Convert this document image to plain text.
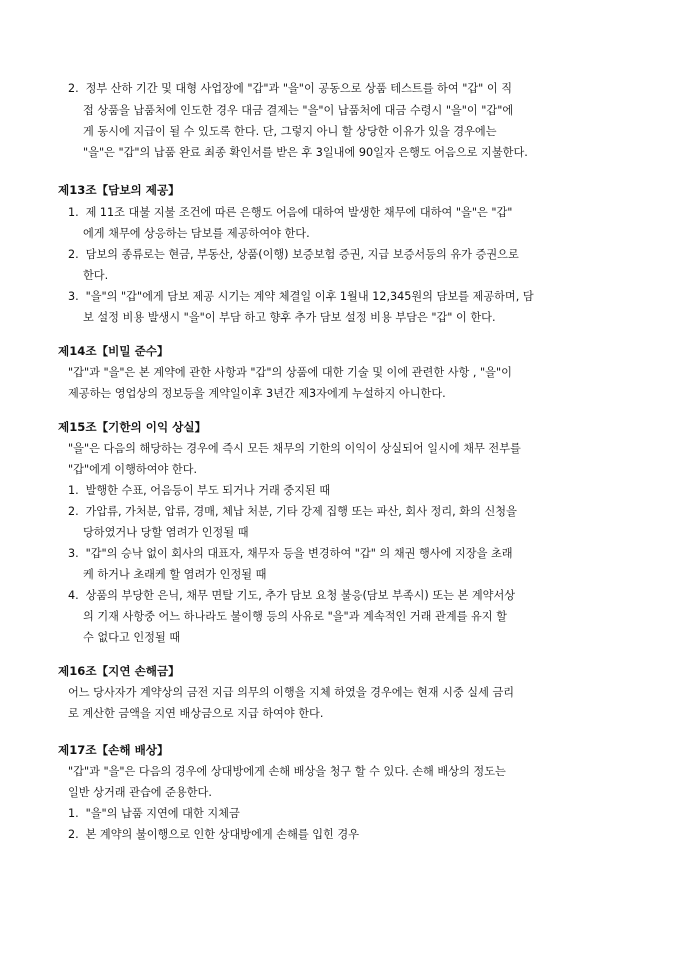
2. 정부 산하 기간 및 대형 사업장에 "갑"과 "을"이 공동으로 상품 테스트를 하여 "갑" 이 직
접 상품을 납품처에 인도한 경우 대금 결제는 "을"이 납품처에 대금 수령시 "을"이 "갑"에
게 동시에 지급이 될 수 있도록 한다. 단, 그렇지 아니 할 상당한 이유가 있을 경우에는
"을"은 "갑"의 납품 완료 최종 확인서를 받은 후 3일내에 90일자 은행도 어음으로 지불한다.
제13조【담보의 제공】
1. 제 11조 대불 지불 조건에 따른 은행도 어음에 대하여 발생한 채무에 대하여 "을"은 "갑"
에게 채무에 상응하는 담보를 제공하여야 한다.
2. 담보의 종류로는 현금, 부동산, 상품(이행) 보증보험 증권, 지급 보증서등의 유가 증권으로
한다.
3. "을"의 "갑"에게 담보 제공 시기는 계약 체결일 이후 1월내 12,345원의 담보를 제공하며, 담
보 설정 비용 발생시 "을"이 부담 하고 향후 추가 담보 설정 비용 부담은 "갑" 이 한다.
제14조【비밀 준수】
"갑"과 "을"은 본 계약에 관한 사항과 "갑"의 상품에 대한 기술 및 이에 관련한 사항 , "을"이
제공하는 영업상의 정보등을 계약일이후 3년간 제3자에게 누설하지 아니한다.
제15조【기한의 이익 상실】
"을"은 다음의 해당하는 경우에 즉시 모든 채무의 기한의 이익이 상실되어 일시에 채무 전부를
"갑"에게 이행하여야 한다.
1. 발행한 수표, 어음등이 부도 되거나 거래 중지된 때
2. 가압류, 가처분, 압류, 경매, 체납 처분, 기타 강제 집행 또는 파산, 회사 정리, 화의 신청을
당하였거나 당할 염려가 인정될 때
3. "갑"의 승낙 없이 회사의 대표자, 채무자 등을 변경하여 "갑" 의 채권 행사에 지장을 초래
케 하거나 초래케 할 염려가 인정될 때
4. 상품의 부당한 은닉, 채무 면탈 기도, 추가 담보 요청 불응(담보 부족시) 또는 본 계약서상
의 기재 사항중 어느 하나라도 불이행 등의 사유로 "을"과 계속적인 거래 관계를 유지 할
수 없다고 인정될 때
제16조【지연 손해금】
어느 당사자가 계약상의 금전 지급 의무의 이행을 지체 하였을 경우에는 현재 시중 실세 금리
로 계산한 금액을 지연 배상금으로 지급 하여야 한다.
제17조【손해 배상】
"갑"과 "을"은 다음의 경우에 상대방에게 손해 배상을 청구 할 수 있다. 손해 배상의 정도는
일반 상거래 관습에 준용한다.
1. "을"의 납품 지연에 대한 지체금
2. 본 계약의 불이행으로 인한 상대방에게 손해를 입힌 경우
